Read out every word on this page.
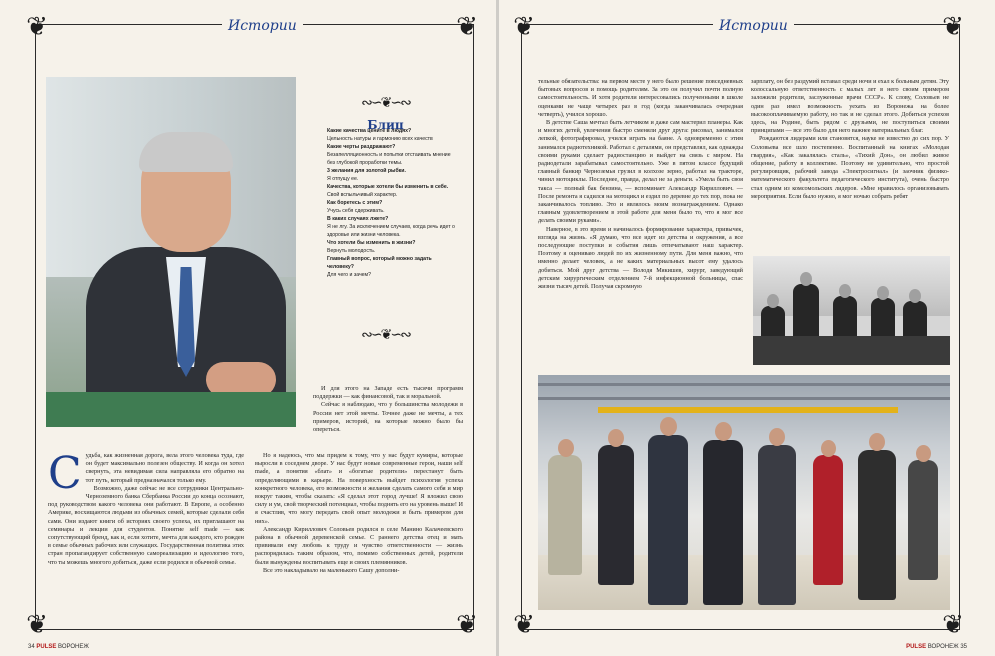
❦	❦
❦	❦
Истории
∾∽❦∽∾
Блиц
Какие качества цените в людях?
Цельность натуры и гармонию всех качеств
Какие черты раздражают?
Безапелляционность и попытки отстаивать мнение без глубокой проработки темы.
3 желания для золотой рыбки.
Я отпущу ее.
Качества, которые хотели бы изменить в себе.
Свой вспыльчивый характер.
Как боретесь с этим?
Учусь себя сдерживать.
В каких случаях лжете?
Я не лгу. За исключением случаев, когда речь идет о здоровье или жизни человека.
Что хотели бы изменить в жизни?
Вернуть молодость.
Главный вопрос, который можно задать человеку?
Для чего и зачем?
∾∽❦∽∾

И для этого на Западе есть тысячи программ поддержки — как финансовой, так и моральной.

Сейчас я наблюдаю, что у большинства молодежи в России нет этой мечты. Точнее даже не мечты, а тех примеров, историй, на которые можно было бы опереться.

С удьба, как жизненная дорога, вела этого человека туда, где он будет максимально полезен обществу. И когда он хотел свернуть, эта невидимая сила направляла его обратно на тот путь, который предназначался только ему.

Возможно, даже сейчас не все сотрудники Центрально-Черноземного банка Сбербанка России до конца осознают, под руководством какого человека они работают. В Европе, а особенно Америке, восхищаются людьми из обычных семей, которые сделали себя сами. Они издают книги об историях своего успеха, их приглашают на семинары и лекции для студентов. Понятие self made — как сопутствующий бренд, как и, если хотите, мечта для каждого, кто рожден в семье обычных рабочих или служащих. Государственная политика этих стран пропагандирует собственную самореализацию и идеологию того, что ты можешь многого добиться, даже если родился в обычной семье.

Но я надеюсь, что мы придем к тому, что у нас будут кумиры, которые выросли в соседнем дворе. У нас будут новые современные герои, наши self made, а понятия «блат» и «богатые родители» перестанут быть определяющими в карьере. На поверхность выйдет психология успеха конкретного человека, его возможности и желания сделать самого себя и мир вокруг таким, чтобы сказать: «Я сделал этот город лучше! Я вложил свою силу и ум, свой творческий потенциал, чтобы поднять его на уровень выше! И я счастлив, что могу передать свой опыт молодежи и быть примером для них».

Александр Кириллович Соловьев родился в селе Манино Калачеевского района в обычной деревенской семье. С раннего детства отец и мать прививали ему любовь к труду и чувство ответственности — жизнь распорядилась таким образом, что, помимо собственных детей, родители были вынуждены воспитывать еще и своих племянников.

Все это накладывало на маленького Сашу дополни-

34 PULSE ВОРОНЕЖ
❦	❦
❦	❦
Истории

тельные обязательства: на первом месте у него было решение повседневных бытовых вопросов и помощь родителям. За это он получил почти полную самостоятельность. И хотя родители интересовались полученными в школе оценками не чаще четырех раз в год (когда заканчивалась очередная четверть), учился хорошо.

В детстве Саша мечтал быть летчиком и даже сам мастерил планеры. Как и многих детей, увлечения быстро сменяли друг друга: рисовал, занимался лепкой, фотографировал, учился играть на баяне. А одновременно с этим занимался радиотехникой. Работал с деталями, он представлял, как однажды своими руками сделает радиостанцию и выйдет на связь с миром. На радиодетали зарабатывал самостоятельно. Уже в пятом классе будущий главный банкир Черноземья грузил в колхозе зерно, работал на тракторе, чинил мотоциклы. Последнее, правда, делал не за деньги. «Умела быть своя тaкca — полный бак бензина, — вспоминает Александр Кириллович. — После ремонта я садился на мотоцикл и ездил по деревне до тех пор, пока не заканчивалось топливо. Это и являлось моим вознаграждением. Однако главным удовлетворением в этой работе для меня было то, что я мог все делать своими руками».

Наверное, в это время и начиналось формирование характера, привычек, взгляда на жизнь. «Я думаю, что все идет из детства и окружения, а все последующие поступки и события лишь отпечатывают наш характер. Поэтому я оцениваю людей по их жизненному пути. Для меня важно, что именно делает человек, а не каких материальных высот ему удалось добиться. Мой друг детства — Володя Мякишев, хирург, заведующий детским хирургическим отделением 7-й инфекционной больницы, спас жизни тысяч детей. Получая скромную

зарплату, он без раздумий вставал среди ночи и ехал к больным детям. Эту колоссальную ответственность с малых лет в него своим примером заложили родители, заслуженные врачи СССР». К слову, Соловьев не один раз имел возможность уехать из Воронежа на более высокооплачиваемую работу, но так и не сделал этого. Добиться успехов здесь, на Родине, быть рядом с друзьями, не поступиться своими принципами — все это было для него важнее материальных благ.

Рождаются лидерами или становятся, науке не известно до сих пор. У Соловьева все шло постепенно. Воспитанный на книгах «Молодая гвардия», «Как закалялась сталь», «Тихий Дон», он любил живое общение, работу в коллективе. Поэтому не удивительно, что простой регулировщик, рабочий завода «Электросигнал» (и заочник физико-математического факультета педагогического института), очень быстро стал одним из комсомольских лидеров. «Мне нравилось организовывать мероприятия. Если было нужно, я мог ночью собрать ребят

PULSE ВОРОНЕЖ 35
